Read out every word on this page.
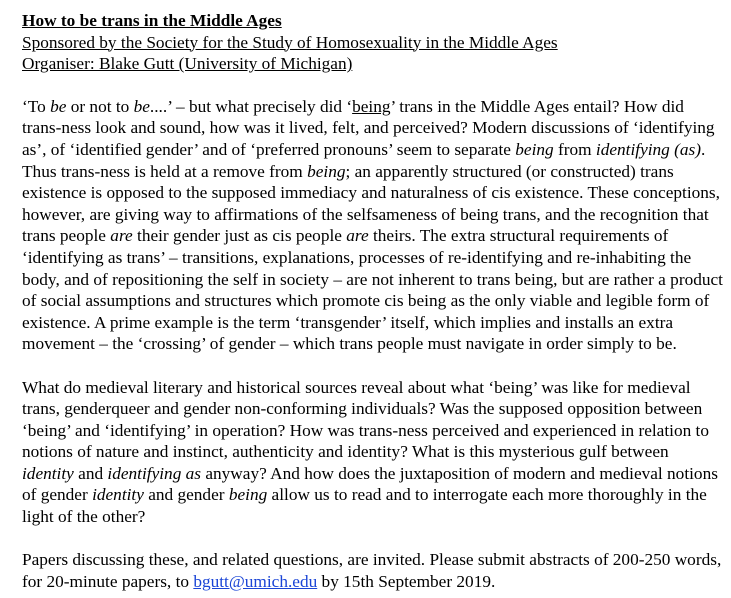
How to be trans in the Middle Ages
Sponsored by the Society for the Study of Homosexuality in the Middle Ages
Organiser: Blake Gutt (University of Michigan)

‘To be or not to be....’ – but what precisely did ‘being’ trans in the Middle Ages entail? How did trans-ness look and sound, how was it lived, felt, and perceived? Modern discussions of ‘identifying as’, of ‘identified gender’ and of ‘preferred pronouns’ seem to separate being from identifying (as). Thus trans-ness is held at a remove from being; an apparently structured (or constructed) trans existence is opposed to the supposed immediacy and naturalness of cis existence. These conceptions, however, are giving way to affirmations of the selfsameness of being trans, and the recognition that trans people are their gender just as cis people are theirs. The extra structural requirements of ‘identifying as trans’ – transitions, explanations, processes of re-identifying and re-inhabiting the body, and of repositioning the self in society – are not inherent to trans being, but are rather a product of social assumptions and structures which promote cis being as the only viable and legible form of existence. A prime example is the term ‘transgender’ itself, which implies and installs an extra movement – the ‘crossing’ of gender – which trans people must navigate in order simply to be.

What do medieval literary and historical sources reveal about what ‘being’ was like for medieval trans, genderqueer and gender non-conforming individuals? Was the supposed opposition between ‘being’ and ‘identifying’ in operation? How was trans-ness perceived and experienced in relation to notions of nature and instinct, authenticity and identity? What is this mysterious gulf between identity and identifying as anyway? And how does the juxtaposition of modern and medieval notions of gender identity and gender being allow us to read and to interrogate each more thoroughly in the light of the other?

Papers discussing these, and related questions, are invited. Please submit abstracts of 200-250 words, for 20-minute papers, to bgutt@umich.edu by 15th September 2019.
